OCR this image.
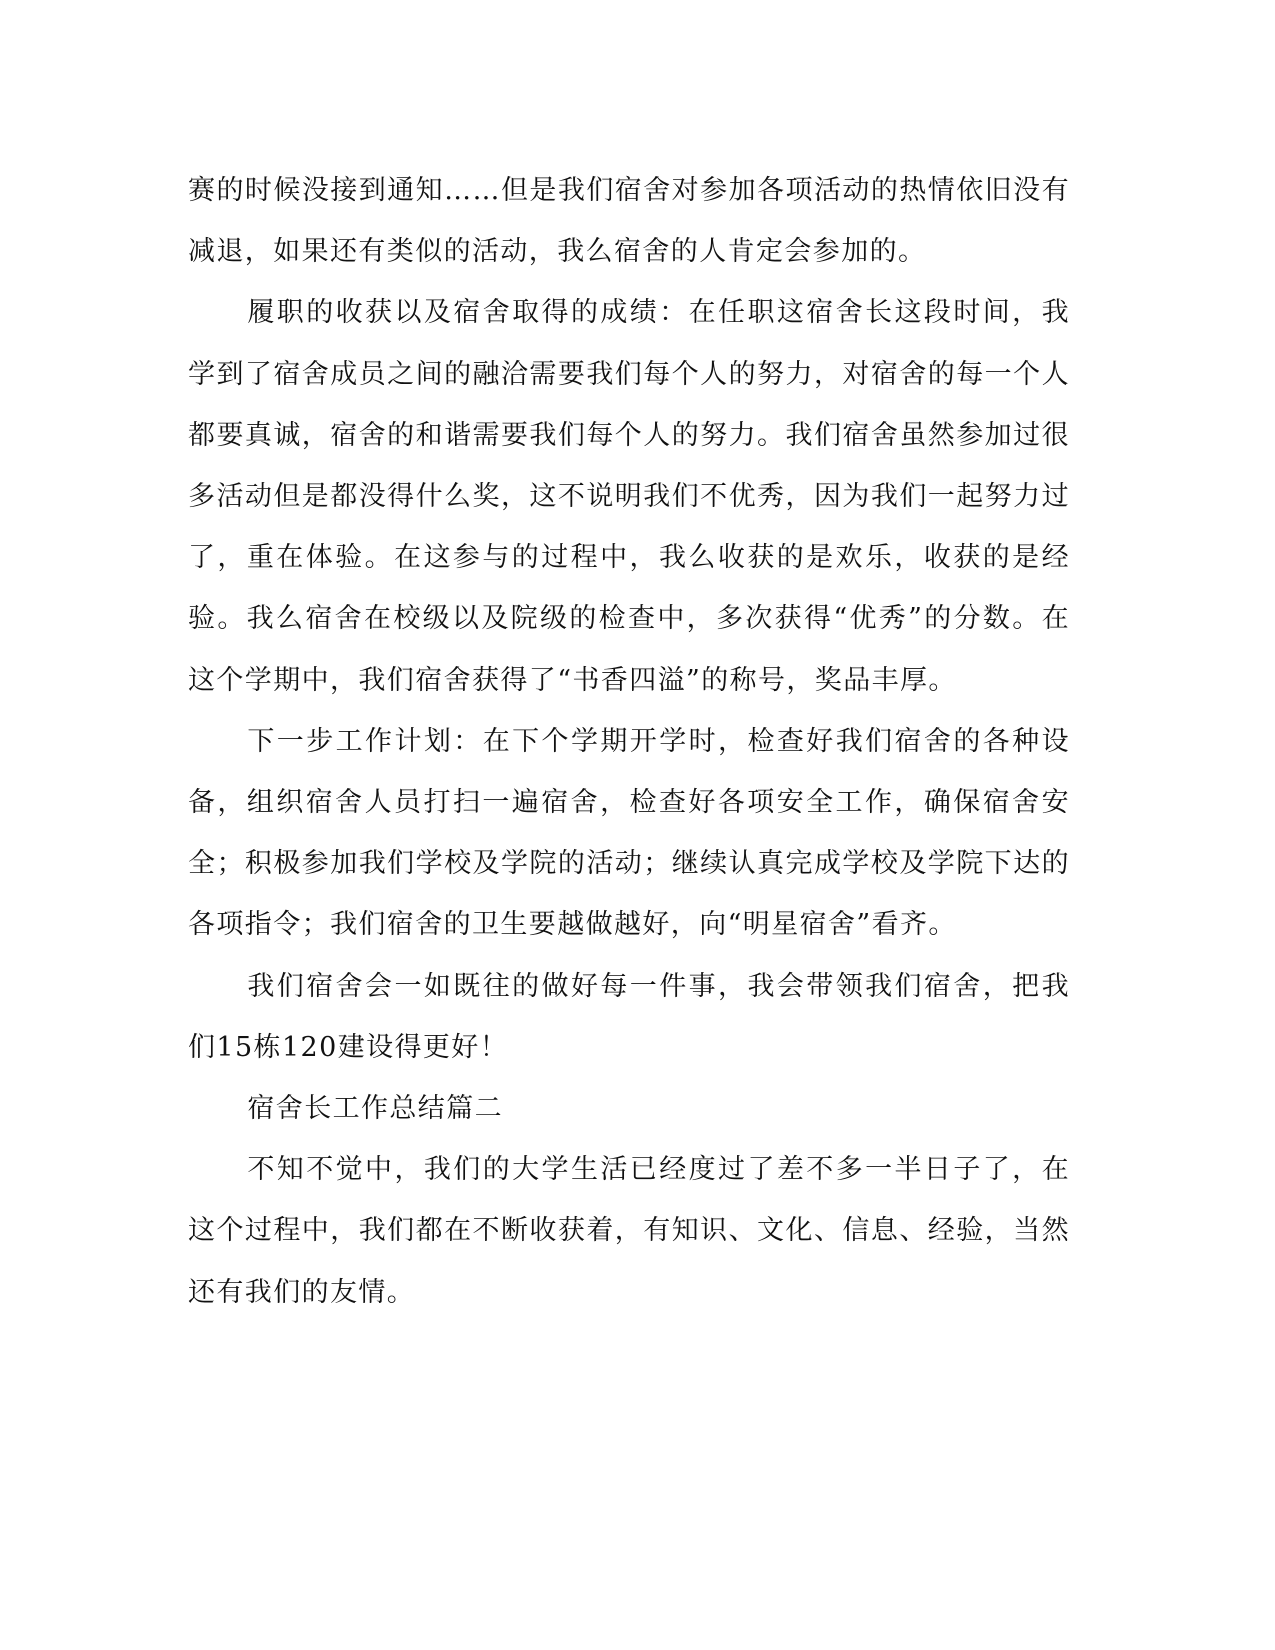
赛的时候没接到通知……但是我们宿舍对参加各项活动的热情依旧没有减退，如果还有类似的活动，我么宿舍的人肯定会参加的。

履职的收获以及宿舍取得的成绩：在任职这宿舍长这段时间，我学到了宿舍成员之间的融洽需要我们每个人的努力，对宿舍的每一个人都要真诚，宿舍的和谐需要我们每个人的努力。我们宿舍虽然参加过很多活动但是都没得什么奖，这不说明我们不优秀，因为我们一起努力过了，重在体验。在这参与的过程中，我么收获的是欢乐，收获的是经验。我么宿舍在校级以及院级的检查中，多次获得“优秀”的分数。在这个学期中，我们宿舍获得了“书香四溢”的称号，奖品丰厚。

下一步工作计划：在下个学期开学时，检查好我们宿舍的各种设备，组织宿舍人员打扫一遍宿舍，检查好各项安全工作，确保宿舍安全；积极参加我们学校及学院的活动；继续认真完成学校及学院下达的各项指令；我们宿舍的卫生要越做越好，向“明星宿舍”看齐。

我们宿舍会一如既往的做好每一件事，我会带领我们宿舍，把我们15栋120建设得更好！

宿舍长工作总结篇二

不知不觉中，我们的大学生活已经度过了差不多一半日子了，在这个过程中，我们都在不断收获着，有知识、文化、信息、经验，当然还有我们的友情。
